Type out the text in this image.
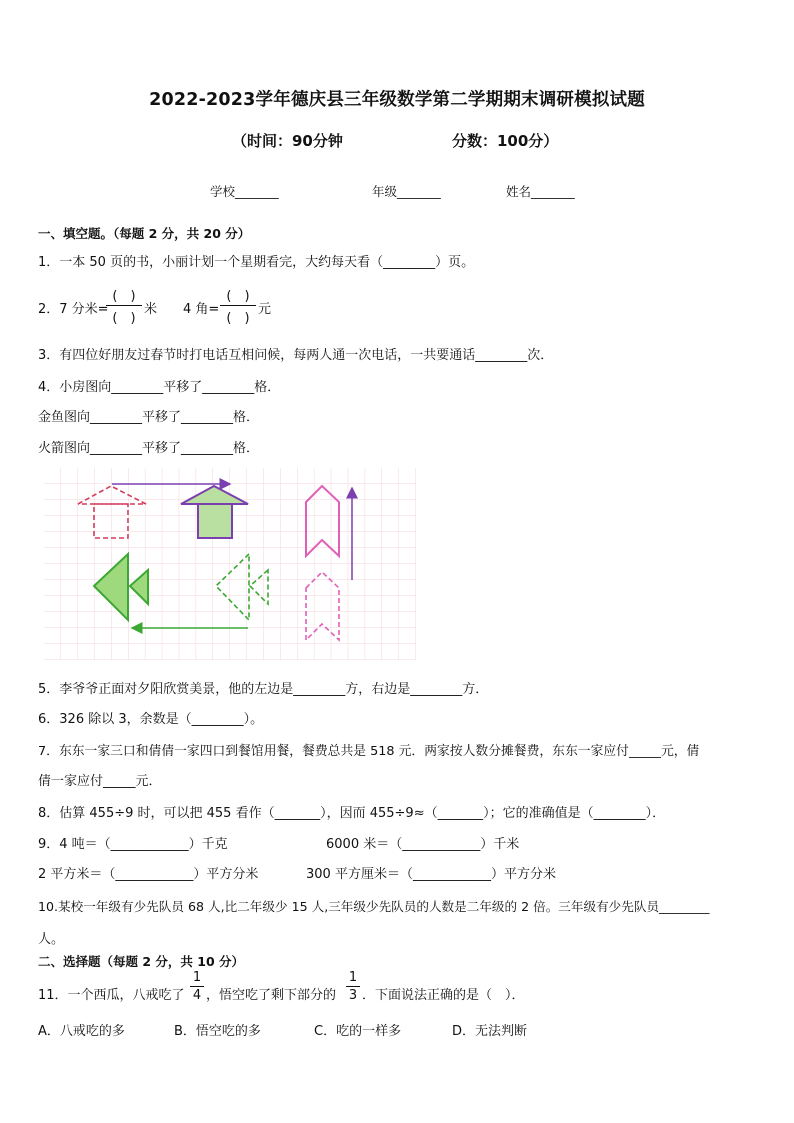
2022-2023学年德庆县三年级数学第二学期期末调研模拟试题
（时间：90分钟	分数：100分）
学校_______	年级_______	姓名_______
一、填空题。（每题 2 分，共 20 分）
1．一本 50 页的书，小丽计划一个星期看完，大约每天看（________）页。
2．7 分米=
(　)
(　)
米　　4 角=
(　)
(　)
元
3．有四位好朋友过春节时打电话互相问候，每两人通一次电话，一共要通话________次．
4．小房图向________平移了________格．
金鱼图向________平移了________格．
火箭图向________平移了________格．
5．李爷爷正面对夕阳欣赏美景，他的左边是________方，右边是________方．
6．326 除以 3，余数是（________）。
7．东东一家三口和倩倩一家四口到餐馆用餐，餐费总共是 518 元．两家按人数分摊餐费，东东一家应付_____元，倩
倩一家应付_____元．
8．估算 455÷9 时，可以把 455 看作（_______），因而 455÷9≈（_______）；它的准确值是（________）．
9．4 吨＝（____________）千克	6000 米＝（____________）千米
2 平方米＝（____________）平方分米	300 平方厘米＝（____________）平方分米
10.某校一年级有少先队员 68 人,比二年级少 15 人,三年级少先队员的人数是二年级的 2 倍。三年级有少先队员________
人。
二、选择题（每题 2 分，共 10 分）
11．一个西瓜，八戒吃了
1
4 ，悟空吃了剩下部分的
1
3 ．下面说法正确的是（　）．
A．八戒吃的多	B．悟空吃的多	C．吃的一样多	D．无法判断
